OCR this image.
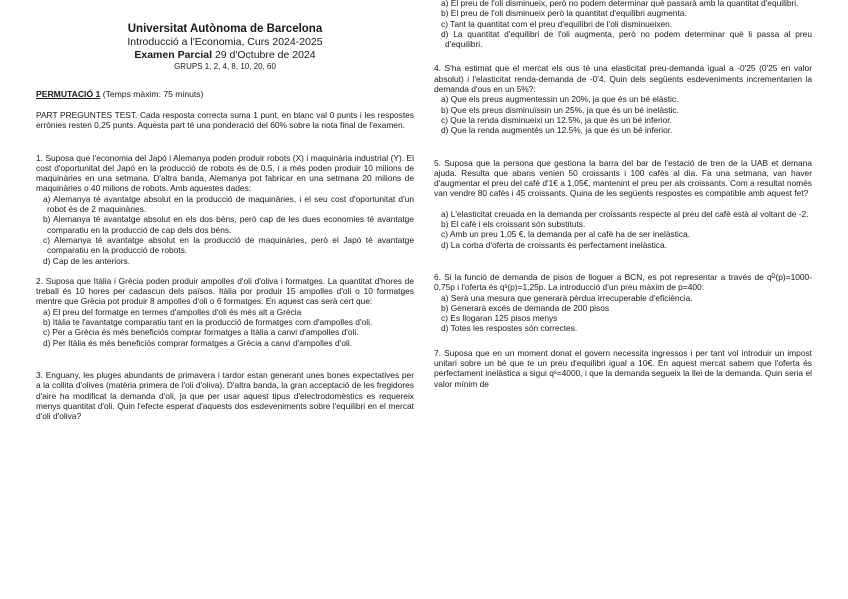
Universitat Autònoma de Barcelona
Introducció a l'Economia, Curs 2024-2025
Examen Parcial 29 d'Octubre de 2024
GRUPS 1, 2, 4, 8, 10, 20, 60
PERMUTACIÓ 1 (Temps màxim: 75 minuts)

PART PREGUNTES TEST. Cada resposta correcta suma 1 punt, en blanc val 0 punts i les respostes errònies resten 0,25 punts. Aquesta part té una ponderació del 60% sobre la nota final de l'examen.

1. Suposa que l'economia del Japó i Alemanya poden produir robots (X) i maquinària industrial (Y). El cost d'oportunitat del Japó en la producció de robots és de 0.5, i a més poden produir 10 milions de maquinàries en una setmana. D'altra banda, Alemanya pot fabricar en una setmana 20 milions de maquinàries o 40 milions de robots. Amb aquestes dades:

a) Alemanya té avantatge absolut en la producció de maquinàries, i el seu cost d'oportunitat d'un robot és de 2 maquinàries.

b) Alemanya té avantatge absolut en els dos béns, però cap de les dues economies té avantatge comparatiu en la producció de cap dels dos béns.

c) Alemanya té avantatge absolut en la producció de maquinàries, però el Japó té avantatge comparatiu en la producció de robots.

d) Cap de les anteriors.

2. Suposa que Itàlia i Grècia poden produir ampolles d'oli d'oliva i formatges. La quantitat d'hores de treball és 10 hores per cadascun dels països. Itàlia por produir 15 ampolles d'oli o 10 formatges mentre que Grècia pot produir 8 ampolles d'oli o 6 formatges. En aquest cas serà cert que:

a) El preu del formatge en termes d'ampolles d'oli és més alt a Grècia

b) Itàlia te l'avantatge comparatiu tant en la producció de formatges com d'ampolles d'oli.

c) Per a Grècia és més beneficiós comprar formatges a Itàlia a canvi d'ampolles d'oli.

d) Per Itàlia és més beneficiós comprar formatges a Grècia a canvi d'ampolles d'oli.

3. Enguany, les pluges abundants de primavera i tardor estan generant unes bones expectatives per a la collita d'olives (matèria primera de l'oli d'oliva). D'altra banda, la gran acceptació de les fregidores d'aire ha modificat la demanda d'oli, ja que per usar aquest tipus d'electrodomèstics es requereix menys quantitat d'oli. Quin l'efecte esperat d'aquests dos esdeveniments sobre l'equilibri en el mercat d'oli d'oliva?

a) El preu de l'oli disminueix, però no podem determinar què passarà amb la quantitat d'equilibri.

b) El preu de l'oli disminueix però la quantitat d'equilibri augmenta.

c) Tant la quantitat com el preu d'equilibri de l'oli disminueixen.

d) La quantitat d'equilibri de l'oli augmenta, però no podem determinar què li passa al preu d'equilibri.

4. S'ha estimat que el mercat els ous té una elasticitat preu-demanda igual a -0'25 (0'25 en valor absolut) i l'elasticitat renda-demanda de -0'4. Quin dels següents esdeveniments incrementarien la demanda d'ous en un 5%?:

a) Que els preus augmentessin un 20%, ja que és un bé elàstic.

b) Que els preus disminuïssin un 25%, ja que és un bé inelàstic.

c) Que la renda disminueixi un 12.5%, ja que és un bé inferior.

d) Que la renda augmentés un 12.5%, ja que és un bé inferior.

5. Suposa que la persona que gestiona la barra del bar de l'estació de tren de la UAB et demana ajuda. Resulta que abans venien 50 croissants i 100 cafès al dia. Fa una setmana, van haver d'augmentar el preu del cafè d'1€ a 1,05€, mantenint el preu per als croissants. Com a resultat només van vendre 80 cafès i 45 croissants. Quina de les següents respostes es compatible amb aquest fet?

a) L'elasticitat creuada en la demanda per croissants respecte al preu del cafè està al voltant de -2.

b) El cafè i els croissant són substituts.

c) Amb un preu 1,05 €, la demanda per al cafè ha de ser inelàstica.

d) La corba d'oferta de croissants és perfectament inelàstica.

6. Si la funció de demanda de pisos de lloguer a BCN, es pot representar a través de qᴰ(p)=1000-0,75p i l'oferta és qˢ(p)=1,25p. La introducció d'un preu màxim de p=400:

a) Serà una mesura que generarà pèrdua irrecuperable d'eficiència.

b) Generarà excés de demanda de 200 pisos

c) Es llogaran 125 pisos menys

d) Totes les respostes són correctes.

7. Suposa que en un moment donat el govern necessita ingressos i per tant vol introduir un impost unitari sobre un bé que te un preu d'equilibri igual a 10€. En aquest mercat sabem que l'oferta és perfectament inelàstica a sigui qˢ=4000, i que la demanda segueix la llei de la demanda. Quin seria el valor mínim de
